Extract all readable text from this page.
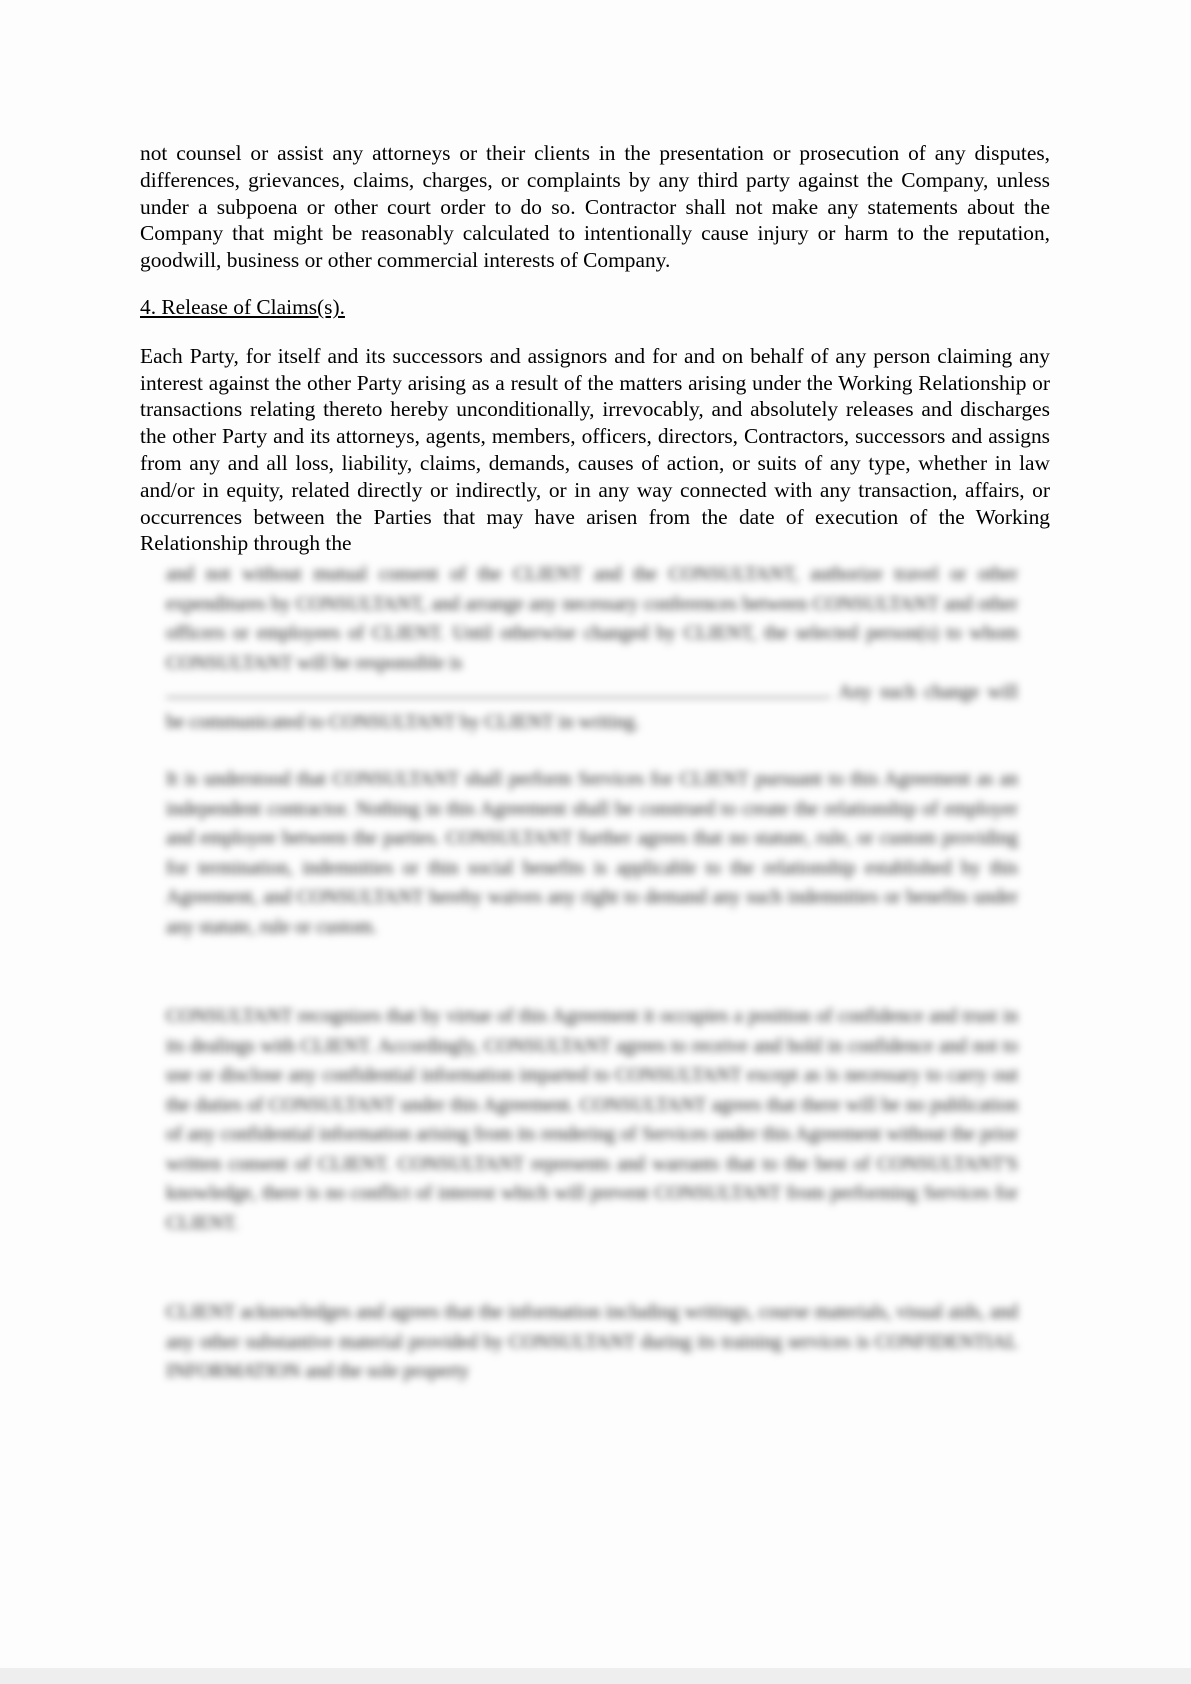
not counsel or assist any attorneys or their clients in the presentation or prosecution of any disputes, differences, grievances, claims, charges, or complaints by any third party against the Company, unless under a subpoena or other court order to do so. Contractor shall not make any statements about the Company that might be reasonably calculated to intentionally cause injury or harm to the reputation, goodwill, business or other commercial interests of Company.

4. Release of Claims(s).

Each Party, for itself and its successors and assignors and for and on behalf of any person claiming any interest against the other Party arising as a result of the matters arising under the Working Relationship or transactions relating thereto hereby unconditionally, irrevocably, and absolutely releases and discharges the other Party and its attorneys, agents, members, officers, directors, Contractors, successors and assigns from any and all loss, liability, claims, demands, causes of action, or suits of any type, whether in law and/or in equity, related directly or indirectly, or in any way connected with any transaction, affairs, or occurrences between the Parties that may have arisen from the date of execution of the Working Relationship through the

and not without mutual consent of the CLIENT and the CONSULTANT, authorize travel or other expenditures by CONSULTANT, and arrange any necessary conferences between CONSULTANT and other officers or employees of CLIENT. Until otherwise changed by CLIENT, the selected person(s) to whom CONSULTANT will be responsible is
. Any such change will be communicated to CONSULTANT by CLIENT in writing.

It is understood that CONSULTANT shall perform Services for CLIENT pursuant to this Agreement as an independent contractor. Nothing in this Agreement shall be construed to create the relationship of employer and employee between the parties. CONSULTANT further agrees that no statute, rule, or custom providing for termination, indemnities or thin social benefits is applicable to the relationship established by this Agreement, and CONSULTANT hereby waives any right to demand any such indemnities or benefits under any statute, rule or custom.

CONSULTANT recognizes that by virtue of this Agreement it occupies a position of confidence and trust in its dealings with CLIENT. Accordingly, CONSULTANT agrees to receive and hold in confidence and not to use or disclose any confidential information imparted to CONSULTANT except as is necessary to carry out the duties of CONSULTANT under this Agreement. CONSULTANT agrees that there will be no publication of any confidential information arising from its rendering of Services under this Agreement without the prior written consent of CLIENT. CONSULTANT represents and warrants that to the best of CONSULTANT'S knowledge, there is no conflict of interest which will prevent CONSULTANT from performing Services for CLIENT.

CLIENT acknowledges and agrees that the information including writings, course materials, visual aids, and any other substantive material provided by CONSULTANT during its training services is CONFIDENTIAL INFORMATION and the sole property
